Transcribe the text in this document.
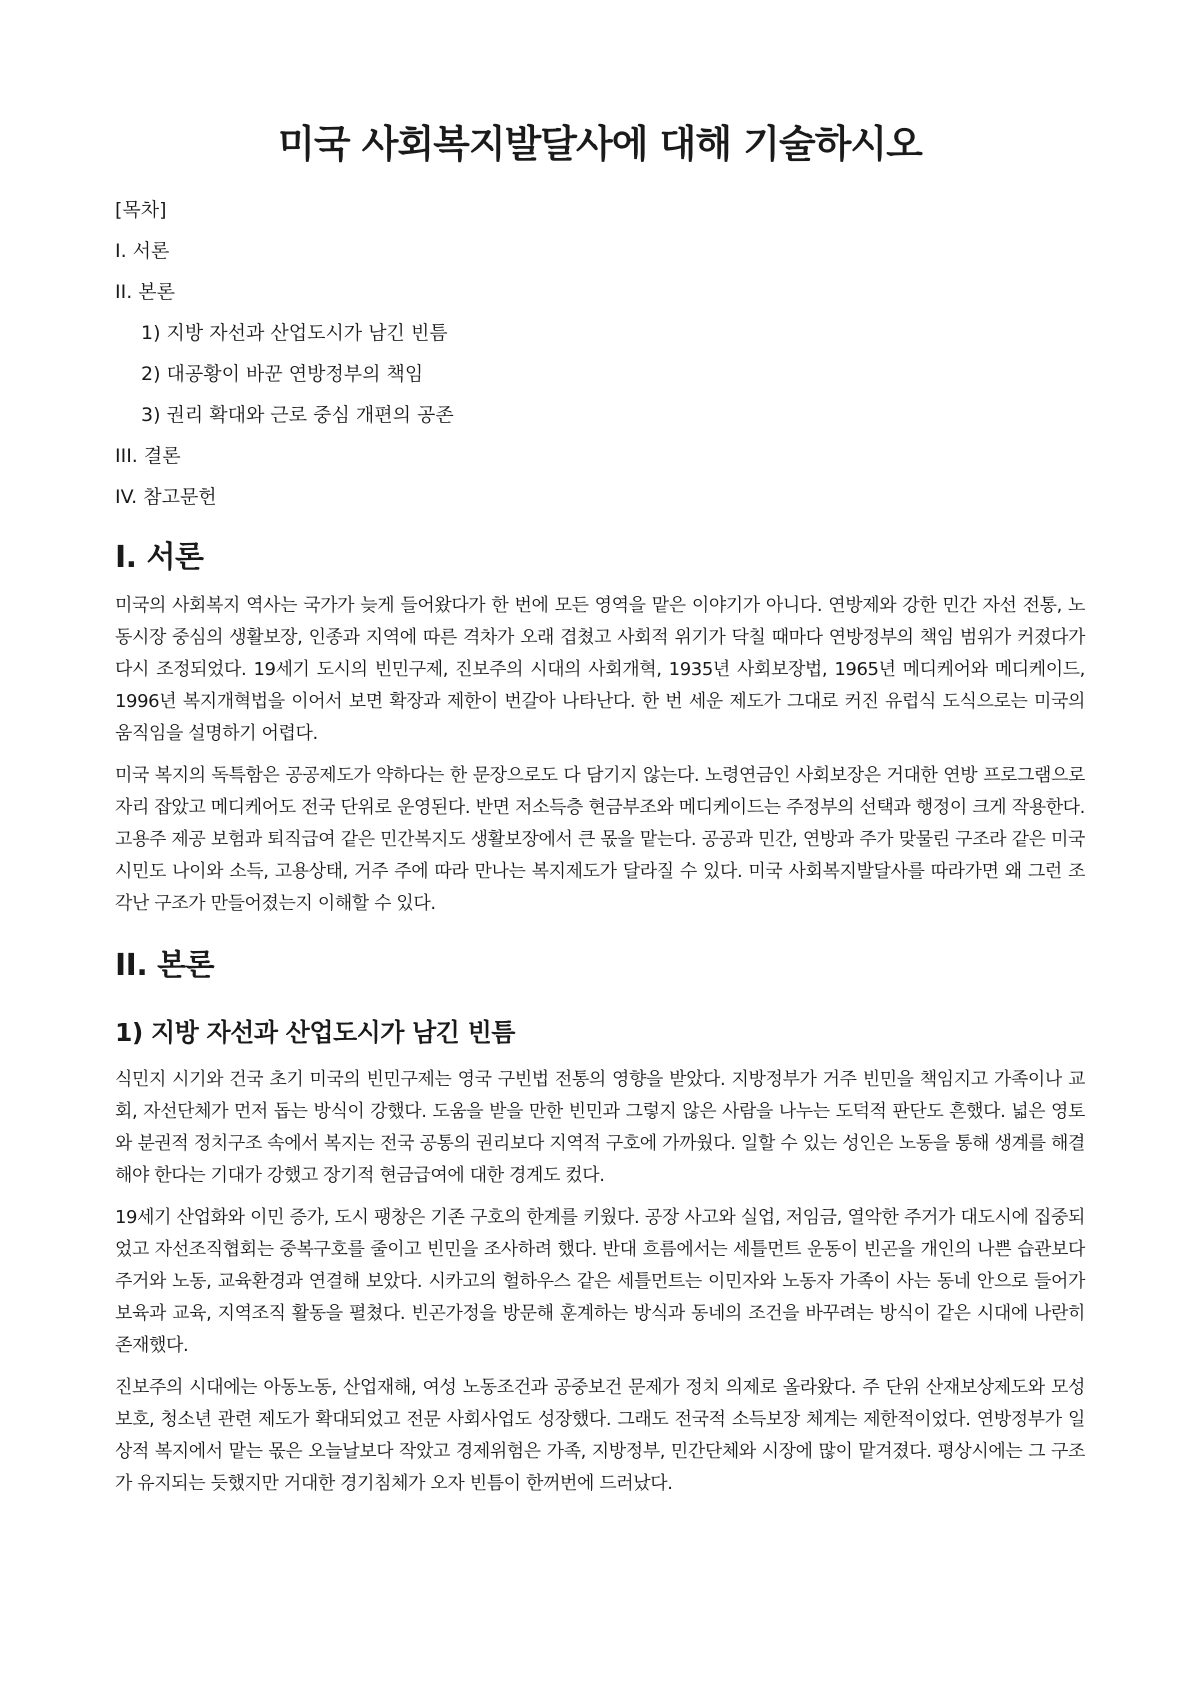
미국 사회복지발달사에 대해 기술하시오
[목차]
I. 서론
II. 본론
1) 지방 자선과 산업도시가 남긴 빈틈
2) 대공황이 바꾼 연방정부의 책임
3) 권리 확대와 근로 중심 개편의 공존
III. 결론
IV. 참고문헌
I. 서론

미국의 사회복지 역사는 국가가 늦게 들어왔다가 한 번에 모든 영역을 맡은 이야기가 아니다. 연방제와 강한 민간 자선 전통, 노동시장 중심의 생활보장, 인종과 지역에 따른 격차가 오래 겹쳤고 사회적 위기가 닥칠 때마다 연방정부의 책임 범위가 커졌다가 다시 조정되었다. 19세기 도시의 빈민구제, 진보주의 시대의 사회개혁, 1935년 사회보장법, 1965년 메디케어와 메디케이드, 1996년 복지개혁법을 이어서 보면 확장과 제한이 번갈아 나타난다. 한 번 세운 제도가 그대로 커진 유럽식 도식으로는 미국의 움직임을 설명하기 어렵다.

미국 복지의 독특함은 공공제도가 약하다는 한 문장으로도 다 담기지 않는다. 노령연금인 사회보장은 거대한 연방 프로그램으로 자리 잡았고 메디케어도 전국 단위로 운영된다. 반면 저소득층 현금부조와 메디케이드는 주정부의 선택과 행정이 크게 작용한다. 고용주 제공 보험과 퇴직급여 같은 민간복지도 생활보장에서 큰 몫을 맡는다. 공공과 민간, 연방과 주가 맞물린 구조라 같은 미국 시민도 나이와 소득, 고용상태, 거주 주에 따라 만나는 복지제도가 달라질 수 있다. 미국 사회복지발달사를 따라가면 왜 그런 조각난 구조가 만들어졌는지 이해할 수 있다.

II. 본론
1) 지방 자선과 산업도시가 남긴 빈틈

식민지 시기와 건국 초기 미국의 빈민구제는 영국 구빈법 전통의 영향을 받았다. 지방정부가 거주 빈민을 책임지고 가족이나 교회, 자선단체가 먼저 돕는 방식이 강했다. 도움을 받을 만한 빈민과 그렇지 않은 사람을 나누는 도덕적 판단도 흔했다. 넓은 영토와 분권적 정치구조 속에서 복지는 전국 공통의 권리보다 지역적 구호에 가까웠다. 일할 수 있는 성인은 노동을 통해 생계를 해결해야 한다는 기대가 강했고 장기적 현금급여에 대한 경계도 컸다.

19세기 산업화와 이민 증가, 도시 팽창은 기존 구호의 한계를 키웠다. 공장 사고와 실업, 저임금, 열악한 주거가 대도시에 집중되었고 자선조직협회는 중복구호를 줄이고 빈민을 조사하려 했다. 반대 흐름에서는 세틀먼트 운동이 빈곤을 개인의 나쁜 습관보다 주거와 노동, 교육환경과 연결해 보았다. 시카고의 헐하우스 같은 세틀먼트는 이민자와 노동자 가족이 사는 동네 안으로 들어가 보육과 교육, 지역조직 활동을 펼쳤다. 빈곤가정을 방문해 훈계하는 방식과 동네의 조건을 바꾸려는 방식이 같은 시대에 나란히 존재했다.

진보주의 시대에는 아동노동, 산업재해, 여성 노동조건과 공중보건 문제가 정치 의제로 올라왔다. 주 단위 산재보상제도와 모성보호, 청소년 관련 제도가 확대되었고 전문 사회사업도 성장했다. 그래도 전국적 소득보장 체계는 제한적이었다. 연방정부가 일상적 복지에서 맡는 몫은 오늘날보다 작았고 경제위험은 가족, 지방정부, 민간단체와 시장에 많이 맡겨졌다. 평상시에는 그 구조가 유지되는 듯했지만 거대한 경기침체가 오자 빈틈이 한꺼번에 드러났다.
